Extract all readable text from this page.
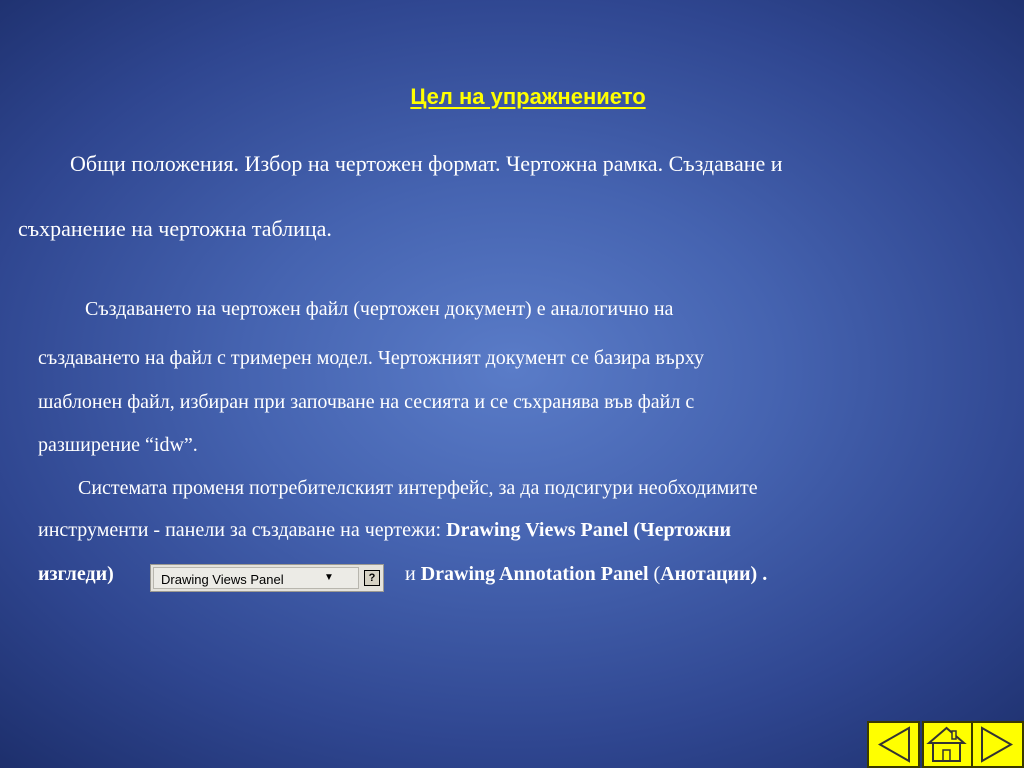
Цел на упражнението
Общи положения. Избор на чертожен формат. Чертожна рамка. Създаване и
съхранение на чертожна таблица.
Създаването на чертожен файл (чертожен документ) е аналогично на
създаването на файл с тримерен модел. Чертожният документ се базира върху
шаблонен файл, избиран при започване на сесията и се съхранява във файл с
разширение “idw”.
Системата променя потребителският интерфейс, за да подсигури необходимите
инструменти - панели за създаване на чертежи: Drawing Views Panel (Чертожни
изгледи)	Drawing Views Panel	▼	? и Drawing Annotation Panel (Анотации) .
